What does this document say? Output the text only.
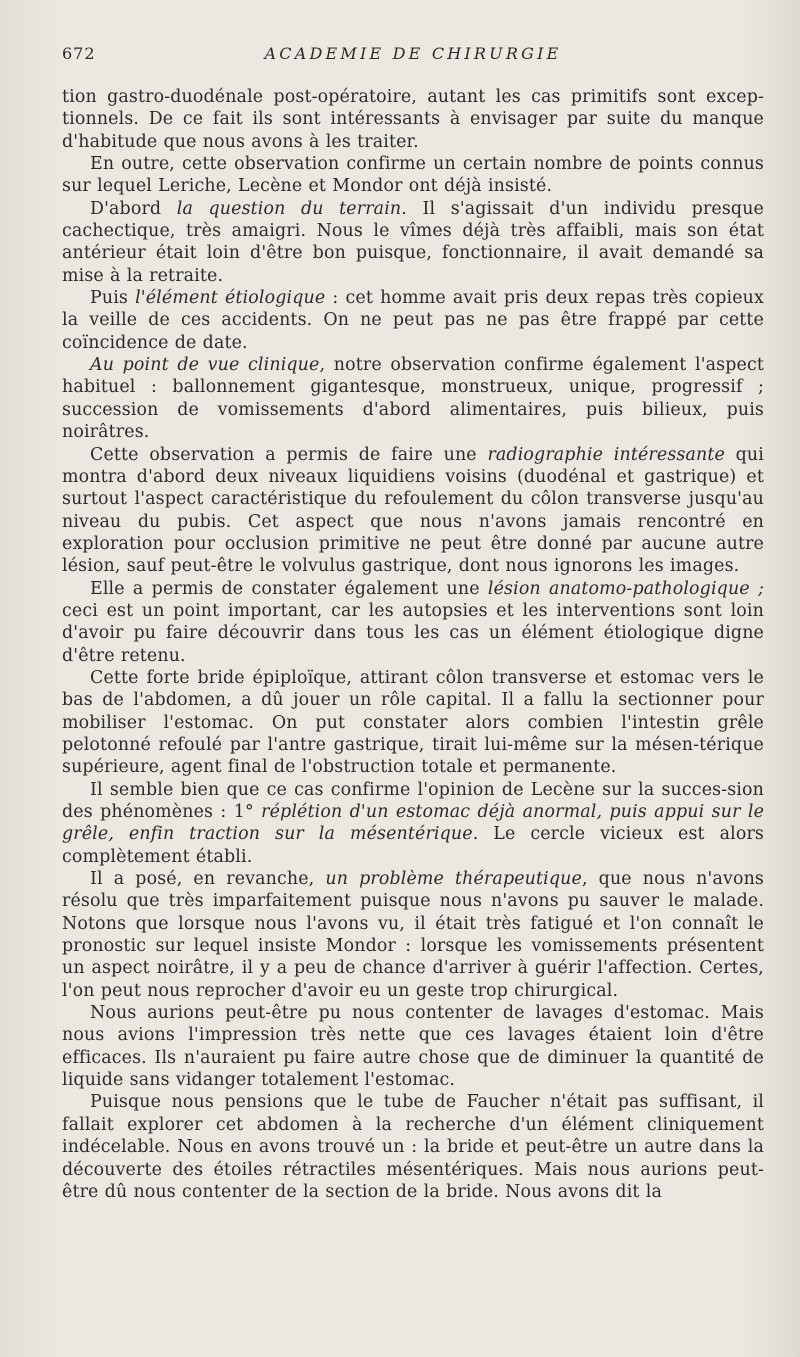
672	ACADEMIE DE CHIRURGIE

tion gastro-duodénale post-opératoire, autant les cas primitifs sont excep-tionnels. De ce fait ils sont intéressants à envisager par suite du manque d'habitude que nous avons à les traiter.

En outre, cette observation confirme un certain nombre de points connus sur lequel Leriche, Lecène et Mondor ont déjà insisté.

D'abord la question du terrain. Il s'agissait d'un individu presque cachectique, très amaigri. Nous le vîmes déjà très affaibli, mais son état antérieur était loin d'être bon puisque, fonctionnaire, il avait demandé sa mise à la retraite.

Puis l'élément étiologique : cet homme avait pris deux repas très copieux la veille de ces accidents. On ne peut pas ne pas être frappé par cette coïncidence de date.

Au point de vue clinique, notre observation confirme également l'aspect habituel : ballonnement gigantesque, monstrueux, unique, progressif ; succession de vomissements d'abord alimentaires, puis bilieux, puis noirâtres.

Cette observation a permis de faire une radiographie intéressante qui montra d'abord deux niveaux liquidiens voisins (duodénal et gastrique) et surtout l'aspect caractéristique du refoulement du côlon transverse jusqu'au niveau du pubis. Cet aspect que nous n'avons jamais rencontré en exploration pour occlusion primitive ne peut être donné par aucune autre lésion, sauf peut-être le volvulus gastrique, dont nous ignorons les images.

Elle a permis de constater également une lésion anatomo-pathologique ; ceci est un point important, car les autopsies et les interventions sont loin d'avoir pu faire découvrir dans tous les cas un élément étiologique digne d'être retenu.

Cette forte bride épiploïque, attirant côlon transverse et estomac vers le bas de l'abdomen, a dû jouer un rôle capital. Il a fallu la sectionner pour mobiliser l'estomac. On put constater alors combien l'intestin grêle pelotonné refoulé par l'antre gastrique, tirait lui-même sur la mésen-térique supérieure, agent final de l'obstruction totale et permanente.

Il semble bien que ce cas confirme l'opinion de Lecène sur la succes-sion des phénomènes : 1° réplétion d'un estomac déjà anormal, puis appui sur le grêle, enfin traction sur la mésentérique. Le cercle vicieux est alors complètement établi.

Il a posé, en revanche, un problème thérapeutique, que nous n'avons résolu que très imparfaitement puisque nous n'avons pu sauver le malade. Notons que lorsque nous l'avons vu, il était très fatigué et l'on connaît le pronostic sur lequel insiste Mondor : lorsque les vomissements présentent un aspect noirâtre, il y a peu de chance d'arriver à guérir l'affection. Certes, l'on peut nous reprocher d'avoir eu un geste trop chirurgical.

Nous aurions peut-être pu nous contenter de lavages d'estomac. Mais nous avions l'impression très nette que ces lavages étaient loin d'être efficaces. Ils n'auraient pu faire autre chose que de diminuer la quantité de liquide sans vidanger totalement l'estomac.

Puisque nous pensions que le tube de Faucher n'était pas suffisant, il fallait explorer cet abdomen à la recherche d'un élément cliniquement indécelable. Nous en avons trouvé un : la bride et peut-être un autre dans la découverte des étoiles rétractiles mésentériques. Mais nous aurions peut-être dû nous contenter de la section de la bride. Nous avons dit la
